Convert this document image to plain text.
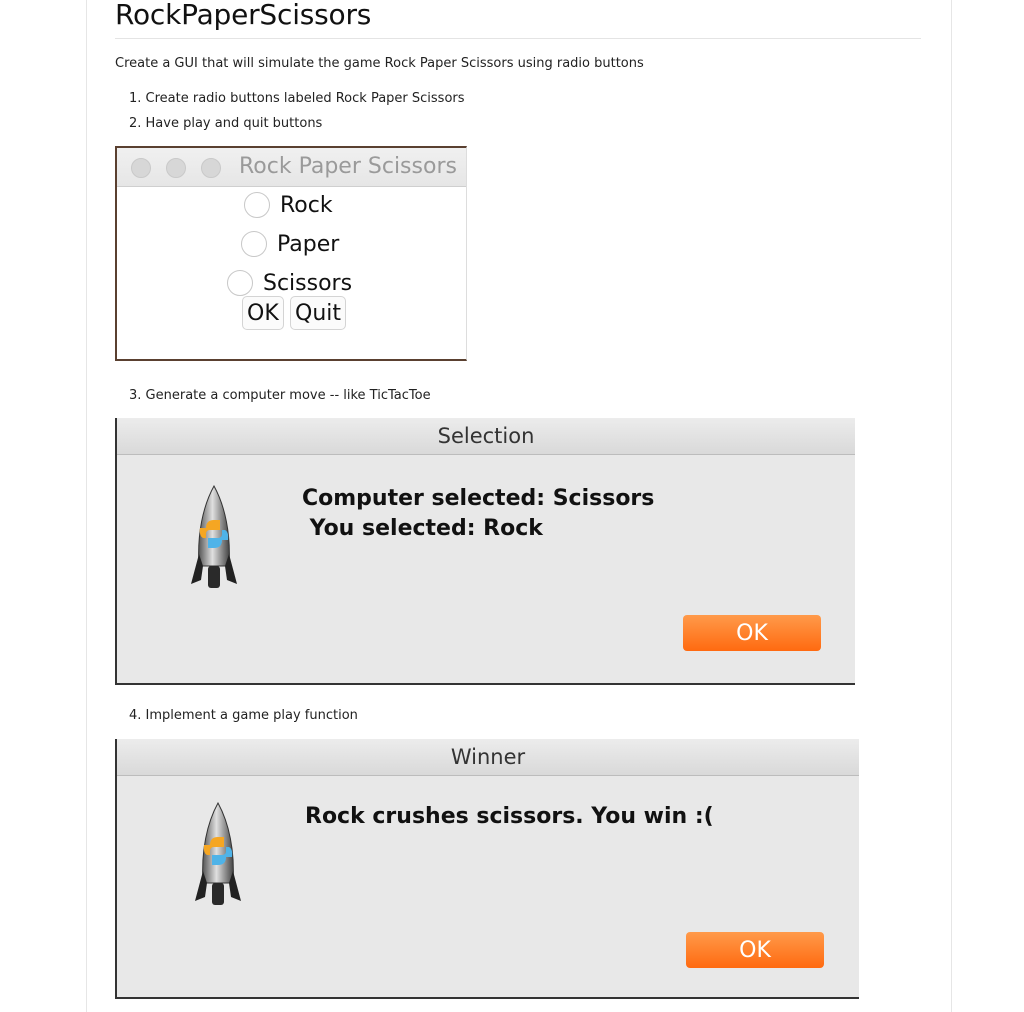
RockPaperScissors
Create a GUI that will simulate the game Rock Paper Scissors using radio buttons
1. Create radio buttons labeled Rock Paper Scissors
2. Have play and quit buttons
Rock Paper Scissors
Rock
Paper
Scissors
OK Quit
3. Generate a computer move -- like TicTacToe
Selection
Computer selected: Scissors
You selected: Rock
OK
4. Implement a game play function
Winner
Rock crushes scissors. You win :(
OK
